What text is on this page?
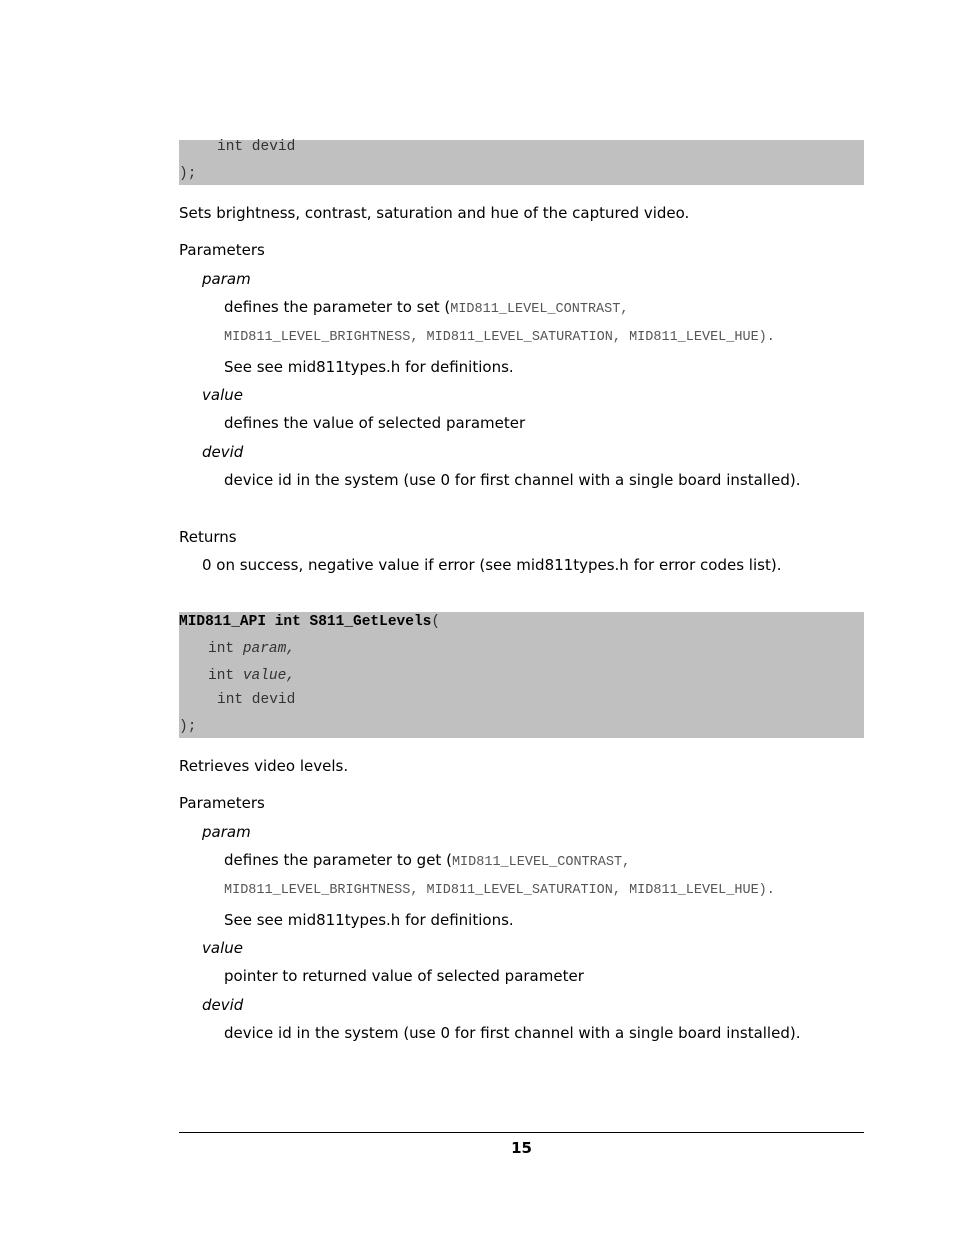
int devid
);
Sets brightness, contrast, saturation and hue of the captured video.
Parameters
param
defines the parameter to set (MID811_LEVEL_CONTRAST,
MID811_LEVEL_BRIGHTNESS, MID811_LEVEL_SATURATION, MID811_LEVEL_HUE).
See see mid811types.h for definitions.
value
defines the value of selected parameter
devid
device id in the system (use 0 for first channel with a single board installed).
Returns
0 on success, negative value if error (see mid811types.h for error codes list).
MID811_API int S811_GetLevels(
int param,
int value,
int devid
);
Retrieves video levels.
Parameters
param
defines the parameter to get (MID811_LEVEL_CONTRAST,
MID811_LEVEL_BRIGHTNESS, MID811_LEVEL_SATURATION, MID811_LEVEL_HUE).
See see mid811types.h for definitions.
value
pointer to returned value of selected parameter
devid
device id in the system (use 0 for first channel with a single board installed).
15
